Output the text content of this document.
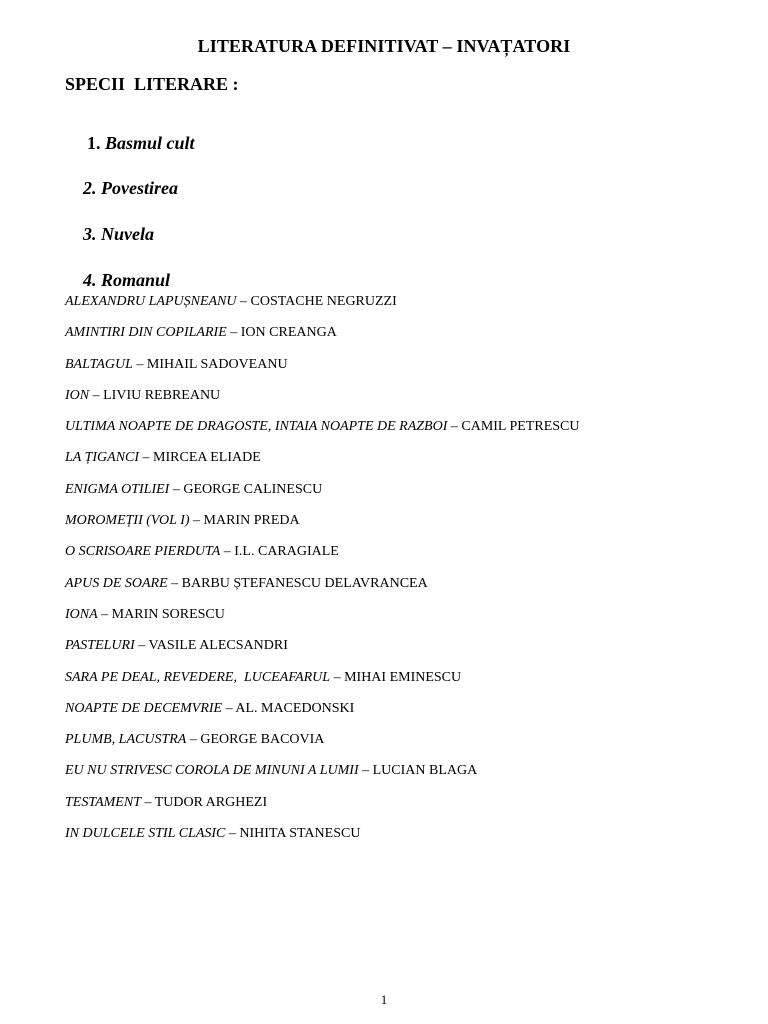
LITERATURA DEFINITIVAT – INVAȚATORI
SPECII  LITERARE :

1. Basmul cult

2. Povestirea

3. Nuvela

4. Romanul

ALEXANDRU LAPUȘNEANU – COSTACHE NEGRUZZI
AMINTIRI DIN COPILARIE – ION CREANGA
BALTAGUL – MIHAIL SADOVEANU
ION – LIVIU REBREANU
ULTIMA NOAPTE DE DRAGOSTE, INTAIA NOAPTE DE RAZBOI – CAMIL PETRESCU
LA ȚIGANCI – MIRCEA ELIADE
ENIGMA OTILIEI – GEORGE CALINESCU
MOROMEȚII (VOL I) – MARIN PREDA
O SCRISOARE PIERDUTA – I.L. CARAGIALE
APUS DE SOARE – BARBU ȘTEFANESCU DELAVRANCEA
IONA – MARIN SORESCU
PASTELURI – VASILE ALECSANDRI
SARA PE DEAL, REVEDERE,  LUCEAFARUL – MIHAI EMINESCU
NOAPTE DE DECEMVRIE – AL. MACEDONSKI
PLUMB, LACUSTRA – GEORGE BACOVIA
EU NU STRIVESC COROLA DE MINUNI A LUMII – LUCIAN BLAGA
TESTAMENT – TUDOR ARGHEZI
IN DULCELE STIL CLASIC – NIHITA STANESCU
1
